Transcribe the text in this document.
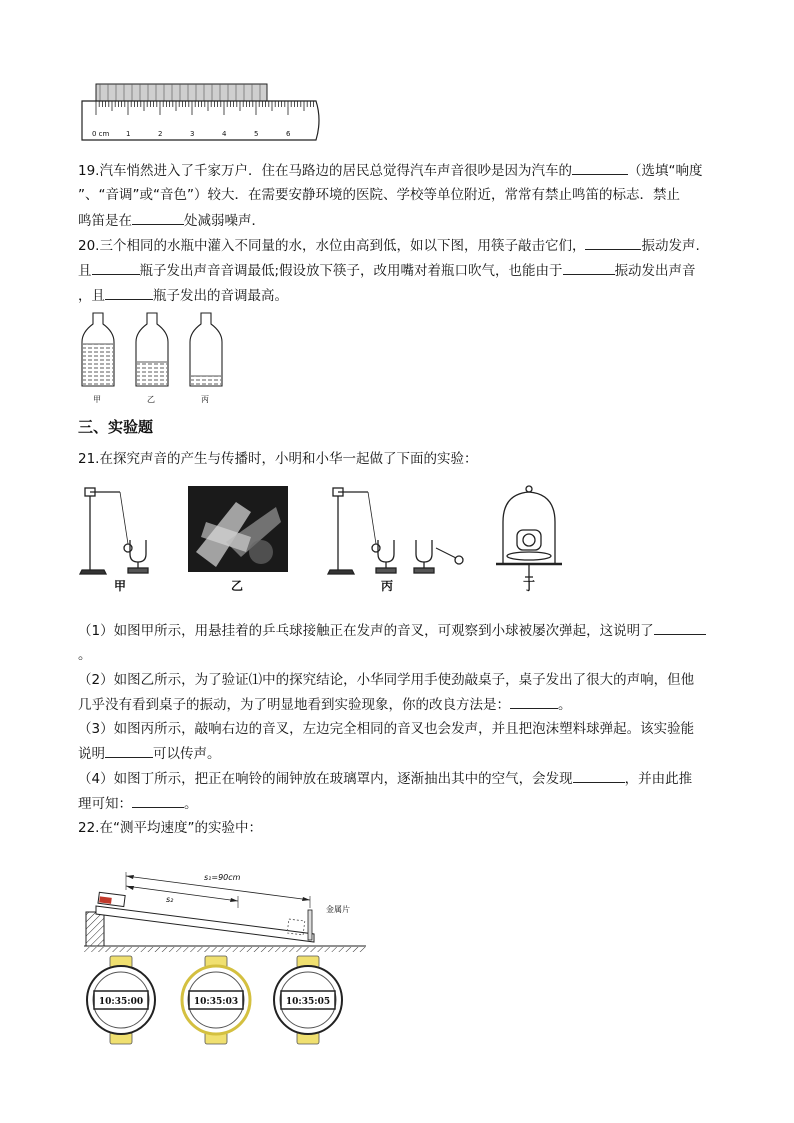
0 cm 1	2	3	4	5	6
19.汽车悄然进入了千家万户．住在马路边的居民总觉得汽车声音很吵是因为汽车的	（选填“响度
”、“音调”或“音色”）较大．在需要安静环境的医院、学校等单位附近，常常有禁止鸣笛的标志．禁止
鸣笛是在	处减弱噪声．
20.三个相同的水瓶中灌入不同量的水，水位由高到低，如以下图，用筷子敲击它们，	振动发声.
且	瓶子发出声音音调最低;假设放下筷子，改用嘴对着瓶口吹气，也能由于	振动发出声音
，且	瓶子发出的音调最高。
甲	乙	丙
三、实验题
21.在探究声音的产生与传播时，小明和小华一起做了下面的实验：
甲	乙	丙	丁
（1）如图甲所示，用悬挂着的乒乓球接触正在发声的音叉，可观察到小球被屡次弹起，这说明了
。
（2）如图乙所示，为了验证⑴中的探究结论，小华同学用手使劲敲桌子，桌子发出了很大的声响，但他
几乎没有看到桌子的振动，为了明显地看到实验现象，你的改良方法是：	。
（3）如图丙所示，敲响右边的音叉，左边完全相同的音叉也会发声，并且把泡沫塑料球弹起。该实验能
说明	可以传声。
（4）如图丁所示，把正在响铃的闹钟放在玻璃罩内，逐渐抽出其中的空气，会发现	，并由此推
理可知：	。
22.在“测平均速度”的实验中：
s₁=90cm
s₂
金属片
10:35:00	10:35:03	10:35:05
